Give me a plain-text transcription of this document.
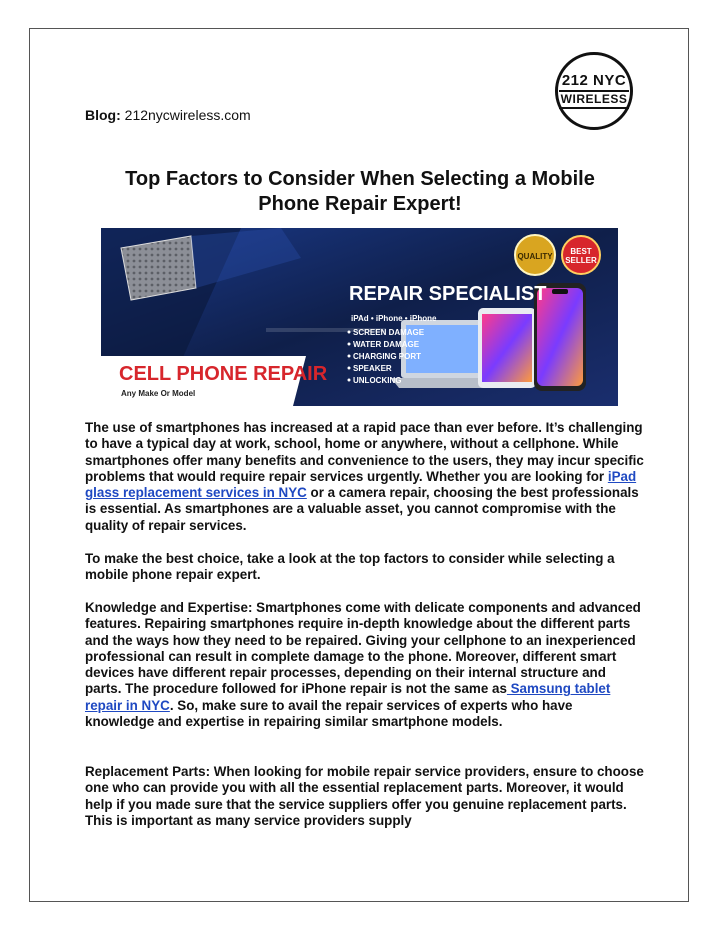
Blog: 212nycwireless.com
212 NYC
WIRELESS
Top Factors to Consider When Selecting a Mobile
Phone Repair Expert!
QUALITY
BEST
SELLER
REPAIR SPECIALIST
iPAd • iPhone • iPhone
SCREEN DAMAGE
WATER DAMAGE
CHARGING PORT
SPEAKER
UNLOCKING
CELL PHONE REPAIR
Any Make Or Model
The use of smartphones has increased at a rapid pace than ever before. It’s challenging to have a typical day at work, school, home or anywhere, without a cellphone. While smartphones offer many benefits and convenience to the users, they may incur specific problems that would require repair services urgently. Whether you are looking for iPad glass replacement services in NYC or a camera repair, choosing the best professionals is essential. As smartphones are a valuable asset, you cannot compromise with the quality of repair services.
To make the best choice, take a look at the top factors to consider while selecting a mobile phone repair expert.
Knowledge and Expertise: Smartphones come with delicate components and advanced features. Repairing smartphones require in-depth knowledge about the different parts and the ways how they need to be repaired. Giving your cellphone to an inexperienced professional can result in complete damage to the phone. Moreover, different smart devices have different repair processes, depending on their internal structure and parts. The procedure followed for iPhone repair is not the same as Samsung tablet repair in NYC. So, make sure to avail the repair services of experts who have knowledge and expertise in repairing similar smartphone models.
Replacement Parts: When looking for mobile repair service providers, ensure to choose one who can provide you with all the essential replacement parts. Moreover, it would help if you made sure that the service suppliers offer you genuine replacement parts. This is important as many service providers supply
